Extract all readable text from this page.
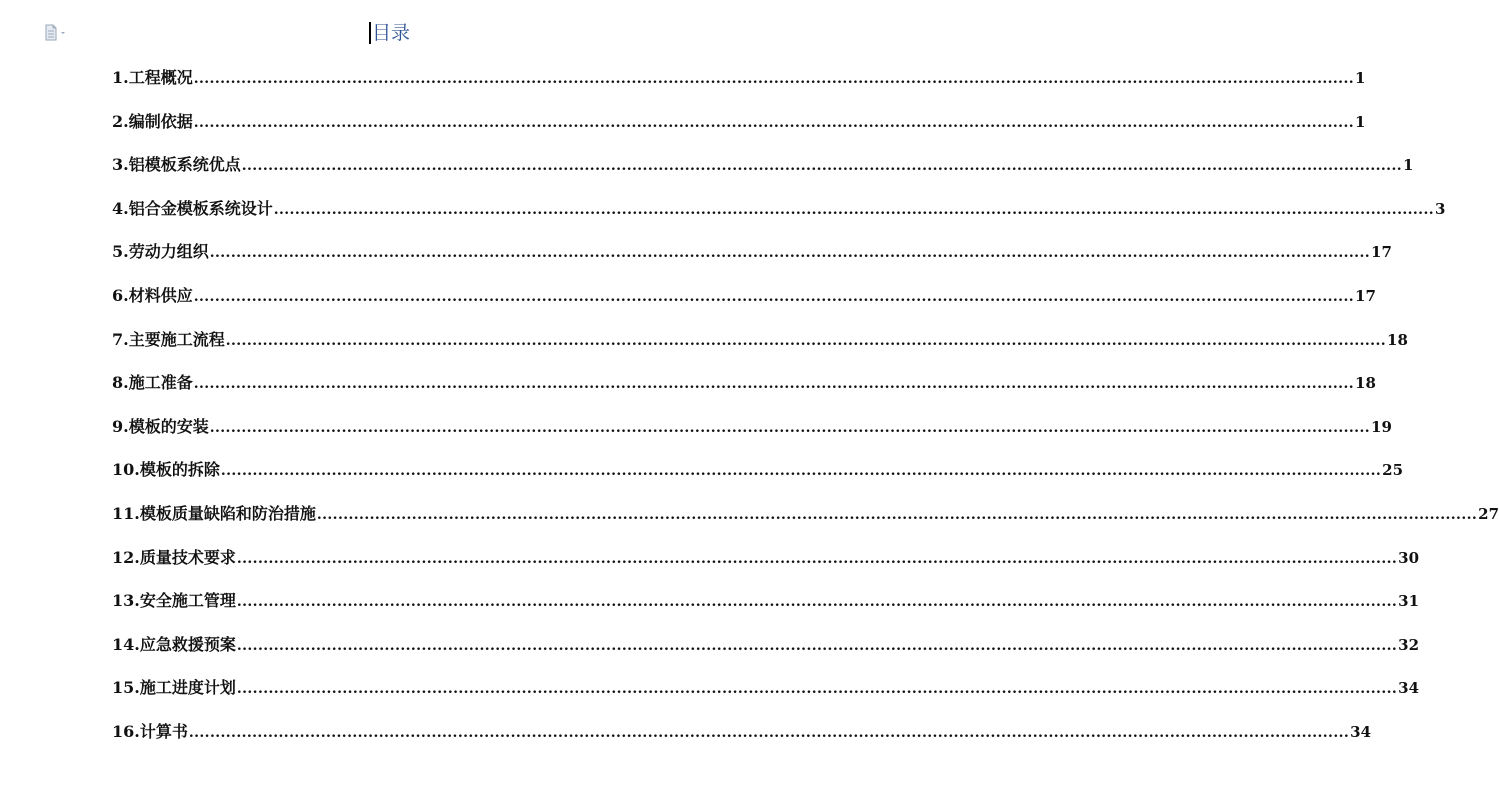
目录
1. 工程概况 ............................................................................................................................................................................................................................ 1
2. 编制依据 ............................................................................................................................................................................................................................ 1
3. 铝模板系统优点 ............................................................................................................................................................................................................................ 1
4. 铝合金模板系统设计 ............................................................................................................................................................................................................................ 3
5. 劳动力组织 ............................................................................................................................................................................................................................ 17
6. 材料供应 ............................................................................................................................................................................................................................ 17
7. 主要施工流程 ............................................................................................................................................................................................................................ 18
8. 施工准备 ............................................................................................................................................................................................................................ 18
9. 模板的安装 ............................................................................................................................................................................................................................ 19
10. 模板的拆除 ............................................................................................................................................................................................................................ 25
11. 模板质量缺陷和防治措施 ............................................................................................................................................................................................................................ 27
12. 质量技术要求 ............................................................................................................................................................................................................................ 30
13. 安全施工管理 ............................................................................................................................................................................................................................ 31
14. 应急救援预案 ............................................................................................................................................................................................................................ 32
15. 施工进度计划 ............................................................................................................................................................................................................................ 34
16. 计算书 ............................................................................................................................................................................................................................ 34
